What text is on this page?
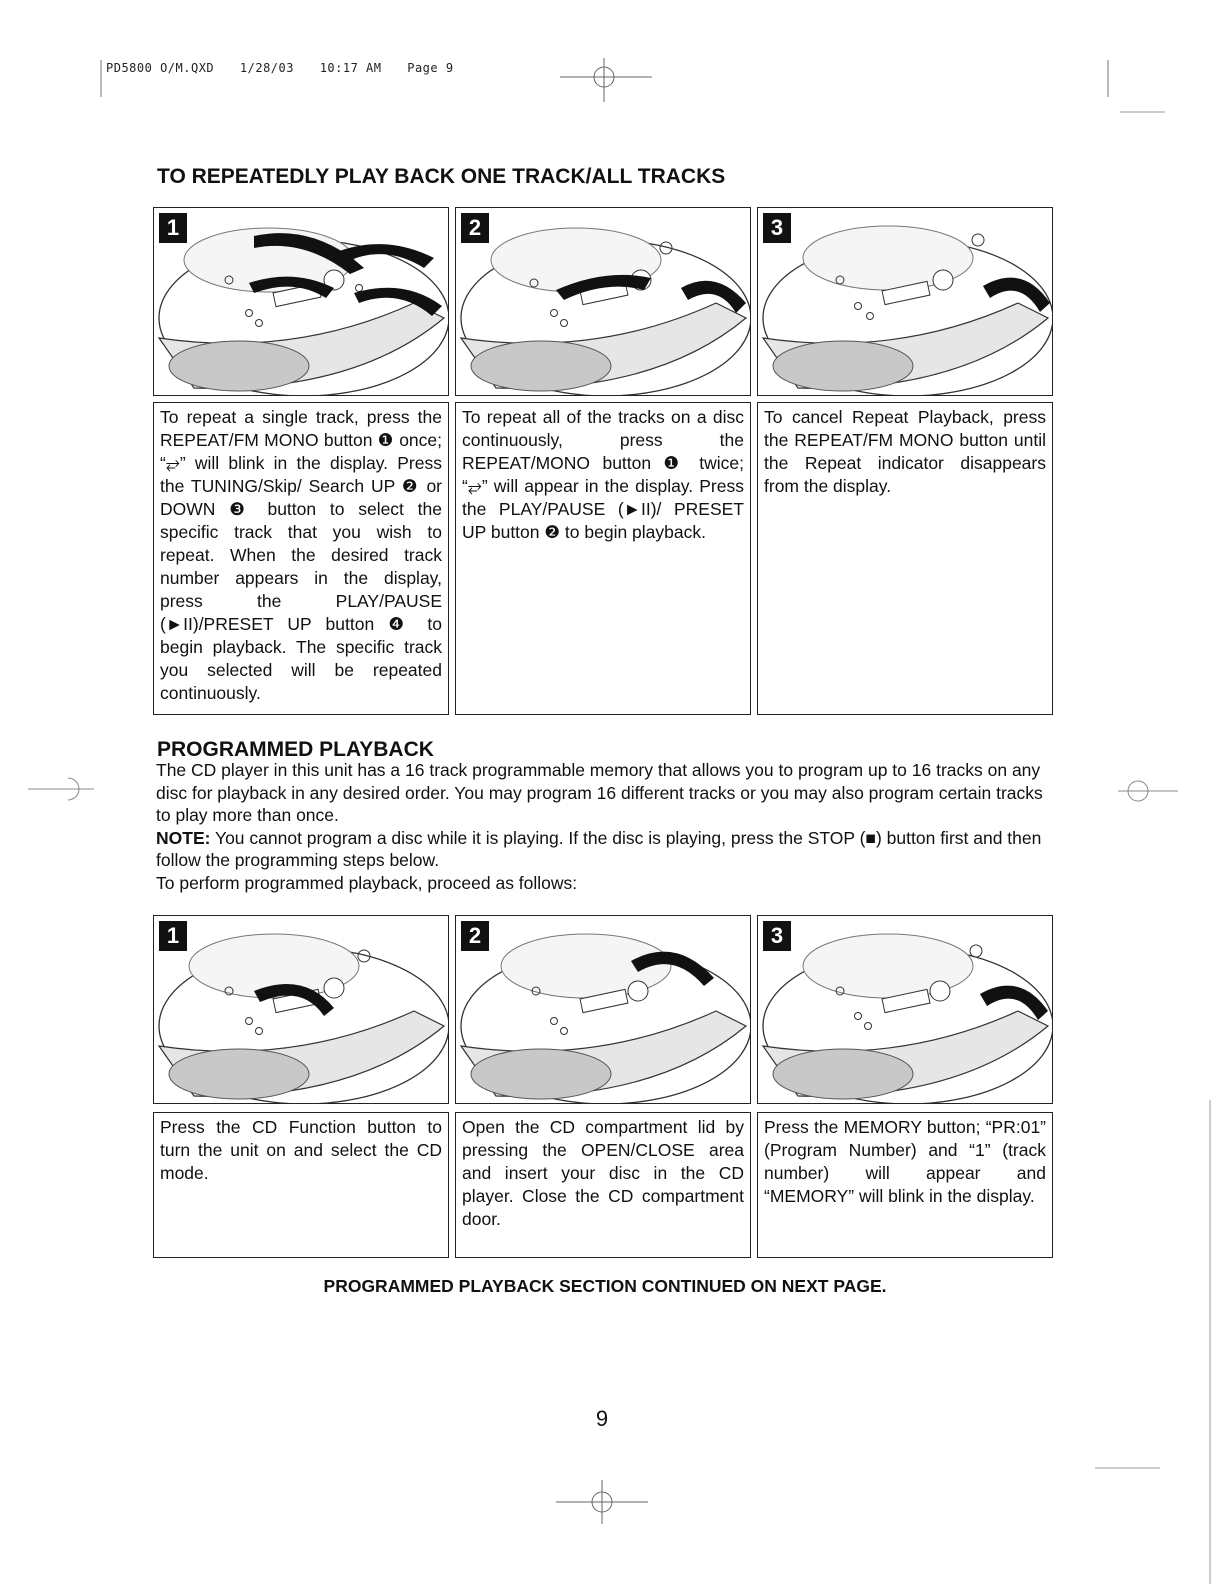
PD5800 O/M.QXD 1/28/03 10:17 AM Page 9
TO REPEATEDLY PLAY BACK ONE TRACK/ALL TRACKS
1	2	3
To repeat a single track, press the REPEAT/FM MONO button ❶ once; “⥂” will blink in the display. Press the TUNING/Skip/ Search UP ❷ or DOWN ❸ button to select the specific track that you wish to repeat. When the desired track number appears in the display, press the PLAY/PAUSE (►II)/PRESET UP button ❹ to begin playback. The specific track you selected will be repeated continuously.
To repeat all of the tracks on a disc continuously, press the REPEAT/MONO button ❶ twice; “⥂” will appear in the display. Press the PLAY/PAUSE (►II)/ PRESET UP button ❷ to begin playback.
To cancel Repeat Playback, press the REPEAT/FM MONO button until the Repeat indicator disappears from the display.
PROGRAMMED PLAYBACK

The CD player in this unit has a 16 track programmable memory that allows you to program up to 16 tracks on any disc for playback in any desired order. You may program 16 different tracks or you may also program certain tracks to play more than once.

NOTE: You cannot program a disc while it is playing. If the disc is playing, press the STOP (■) button first and then follow the programming steps below.

To perform programmed playback, proceed as follows:

1	2	3
Press the CD Function button to turn the unit on and select the CD mode.
Open the CD compartment lid by pressing the OPEN/CLOSE area and insert your disc in the CD player. Close the CD compartment door.
Press the MEMORY button; “PR:01” (Program Number) and “1” (track number) will appear and “MEMORY” will blink in the display.
PROGRAMMED PLAYBACK SECTION CONTINUED ON NEXT PAGE.
9
